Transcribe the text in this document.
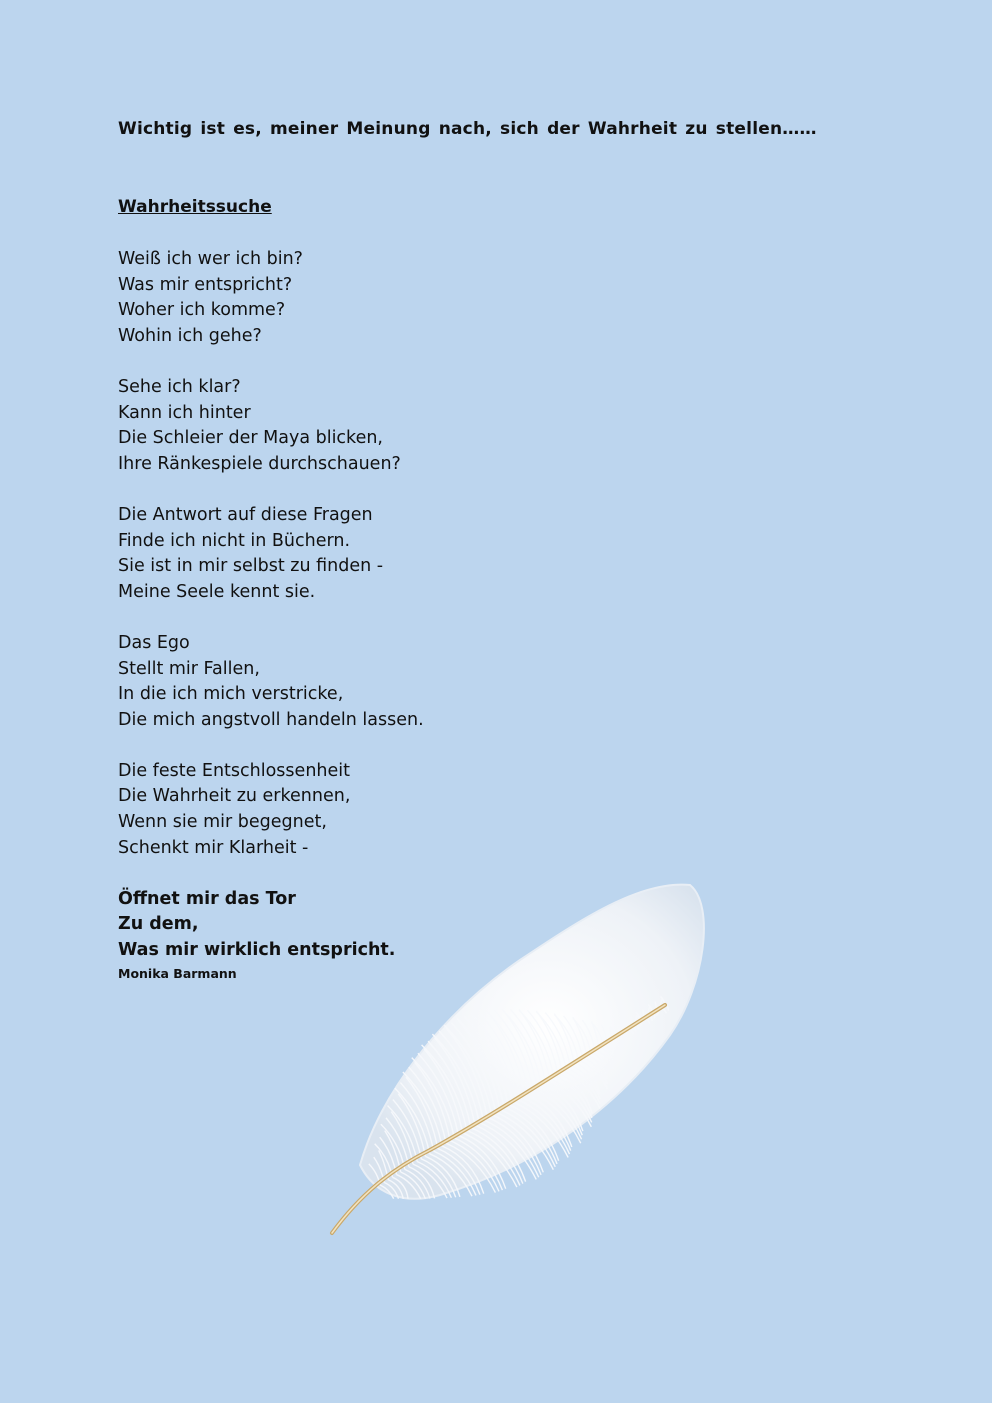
Wichtig ist es, meiner Meinung nach, sich der Wahrheit zu stellen……
Wahrheitssuche
Weiß ich wer ich bin?
Was mir entspricht?
Woher ich komme?
Wohin ich gehe?
Sehe ich klar?
Kann ich hinter
Die Schleier der Maya blicken,
Ihre Ränkespiele durchschauen?
Die Antwort auf diese Fragen
Finde ich nicht in Büchern.
Sie ist in mir selbst zu finden -
Meine Seele kennt sie.
Das Ego
Stellt mir Fallen,
In die ich mich verstricke,
Die mich angstvoll handeln lassen.
Die feste Entschlossenheit
Die Wahrheit zu erkennen,
Wenn sie mir begegnet,
Schenkt mir Klarheit -
Öffnet mir das Tor
Zu dem,
Was mir wirklich entspricht.
Monika Barmann
